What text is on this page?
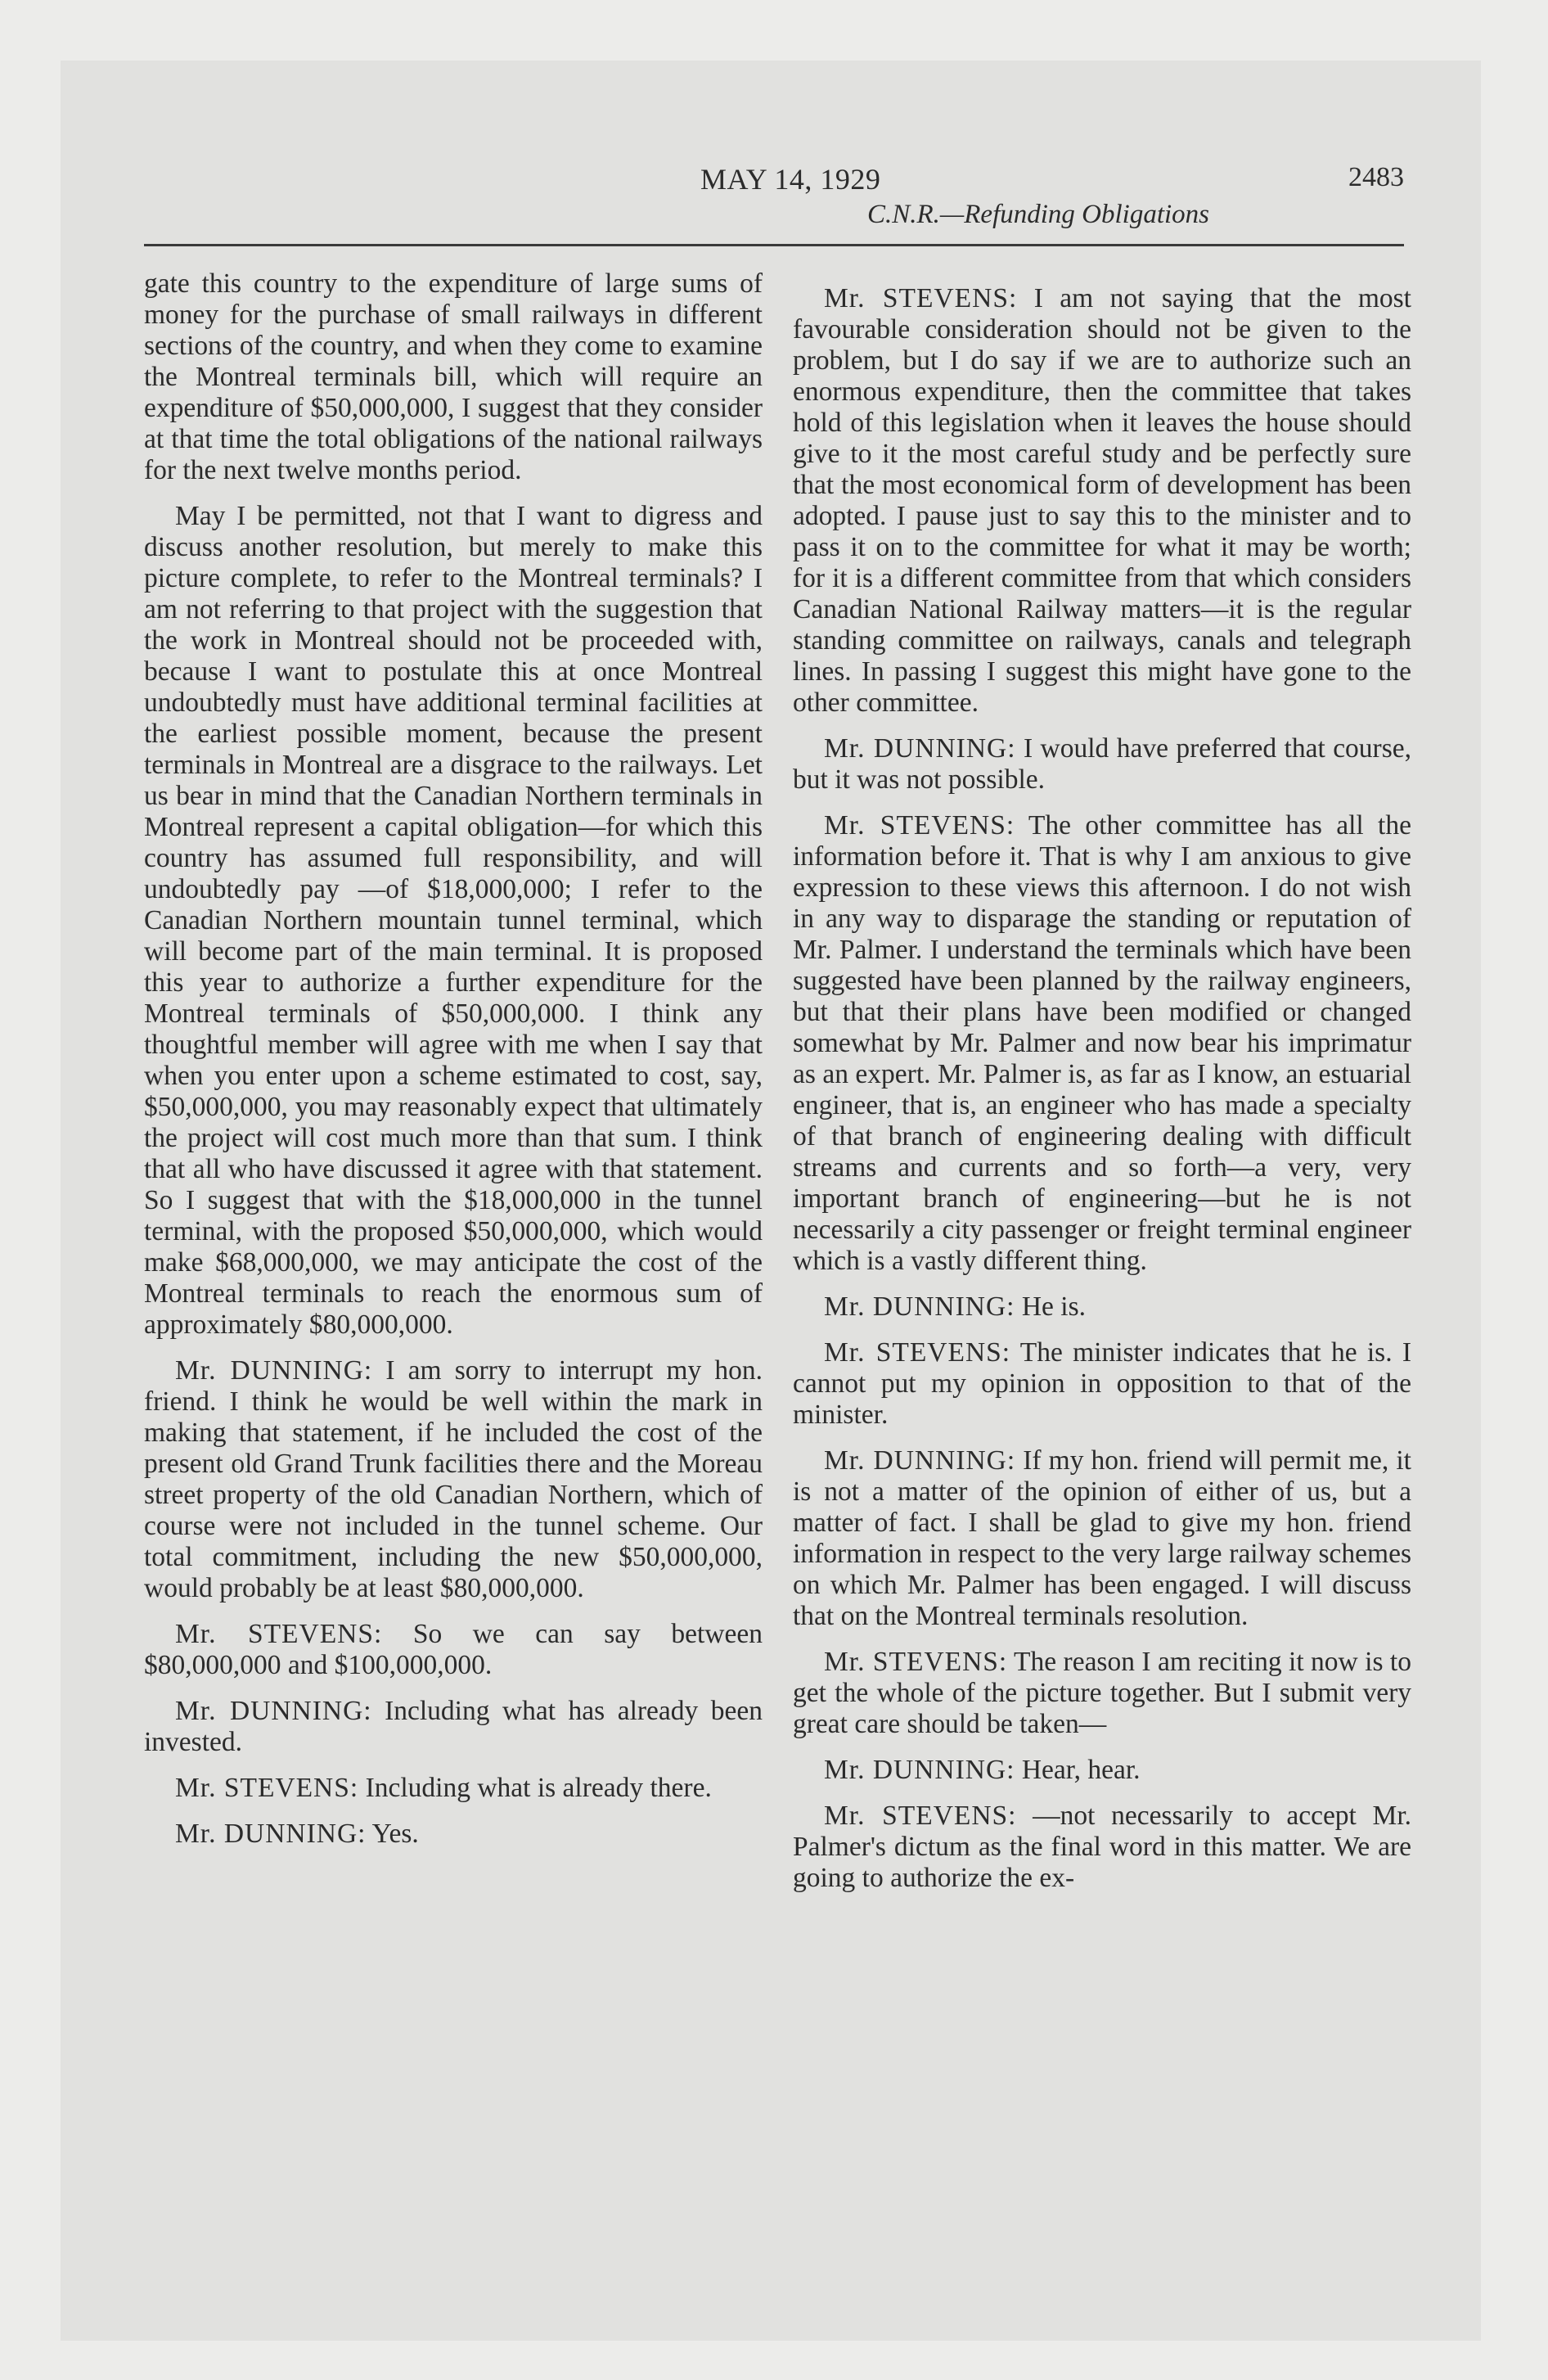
MAY 14, 1929	2483
C.N.R.—Refunding Obligations

gate this country to the expenditure of large sums of money for the purchase of small railways in different sections of the country, and when they come to examine the Montreal terminals bill, which will require an expenditure of $50,000,000, I suggest that they consider at that time the total obligations of the national railways for the next twelve months period.

May I be permitted, not that I want to digress and discuss another resolution, but merely to make this picture complete, to refer to the Montreal terminals? I am not referring to that project with the suggestion that the work in Montreal should not be proceeded with, because I want to postulate this at once Montreal undoubtedly must have additional terminal facilities at the earliest possible moment, because the present terminals in Montreal are a disgrace to the railways. Let us bear in mind that the Canadian Northern terminals in Montreal represent a capital obligation—for which this country has assumed full responsibility, and will undoubtedly pay —of $18,000,000; I refer to the Canadian Northern mountain tunnel terminal, which will become part of the main terminal. It is proposed this year to authorize a further expenditure for the Montreal terminals of $50,000,000. I think any thoughtful member will agree with me when I say that when you enter upon a scheme estimated to cost, say, $50,000,000, you may reasonably expect that ultimately the project will cost much more than that sum. I think that all who have discussed it agree with that statement. So I suggest that with the $18,000,000 in the tunnel terminal, with the proposed $50,000,000, which would make $68,000,000, we may anticipate the cost of the Montreal terminals to reach the enormous sum of approximately $80,000,000.

Mr. DUNNING: I am sorry to interrupt my hon. friend. I think he would be well within the mark in making that statement, if he included the cost of the present old Grand Trunk facilities there and the Moreau street property of the old Canadian Northern, which of course were not included in the tunnel scheme. Our total commitment, including the new $50,000,000, would probably be at least $80,000,000.

Mr. STEVENS: So we can say between $80,000,000 and $100,000,000.

Mr. DUNNING: Including what has already been invested.

Mr. STEVENS: Including what is already there.

Mr. DUNNING: Yes.

Mr. STEVENS: I am not saying that the most favourable consideration should not be given to the problem, but I do say if we are to authorize such an enormous expenditure, then the committee that takes hold of this legislation when it leaves the house should give to it the most careful study and be perfectly sure that the most economical form of development has been adopted. I pause just to say this to the minister and to pass it on to the committee for what it may be worth; for it is a different committee from that which considers Canadian National Railway matters—it is the regular standing committee on railways, canals and telegraph lines. In passing I suggest this might have gone to the other committee.

Mr. DUNNING: I would have preferred that course, but it was not possible.

Mr. STEVENS: The other committee has all the information before it. That is why I am anxious to give expression to these views this afternoon. I do not wish in any way to disparage the standing or reputation of Mr. Palmer. I understand the terminals which have been suggested have been planned by the railway engineers, but that their plans have been modified or changed somewhat by Mr. Palmer and now bear his imprimatur as an expert. Mr. Palmer is, as far as I know, an estuarial engineer, that is, an engineer who has made a specialty of that branch of engineering dealing with difficult streams and currents and so forth—a very, very important branch of engineering—but he is not necessarily a city passenger or freight terminal engineer which is a vastly different thing.

Mr. DUNNING: He is.

Mr. STEVENS: The minister indicates that he is. I cannot put my opinion in opposition to that of the minister.

Mr. DUNNING: If my hon. friend will permit me, it is not a matter of the opinion of either of us, but a matter of fact. I shall be glad to give my hon. friend information in respect to the very large railway schemes on which Mr. Palmer has been engaged. I will discuss that on the Montreal terminals resolution.

Mr. STEVENS: The reason I am reciting it now is to get the whole of the picture together. But I submit very great care should be taken—

Mr. DUNNING: Hear, hear.

Mr. STEVENS: —not necessarily to accept Mr. Palmer's dictum as the final word in this matter. We are going to authorize the ex-
